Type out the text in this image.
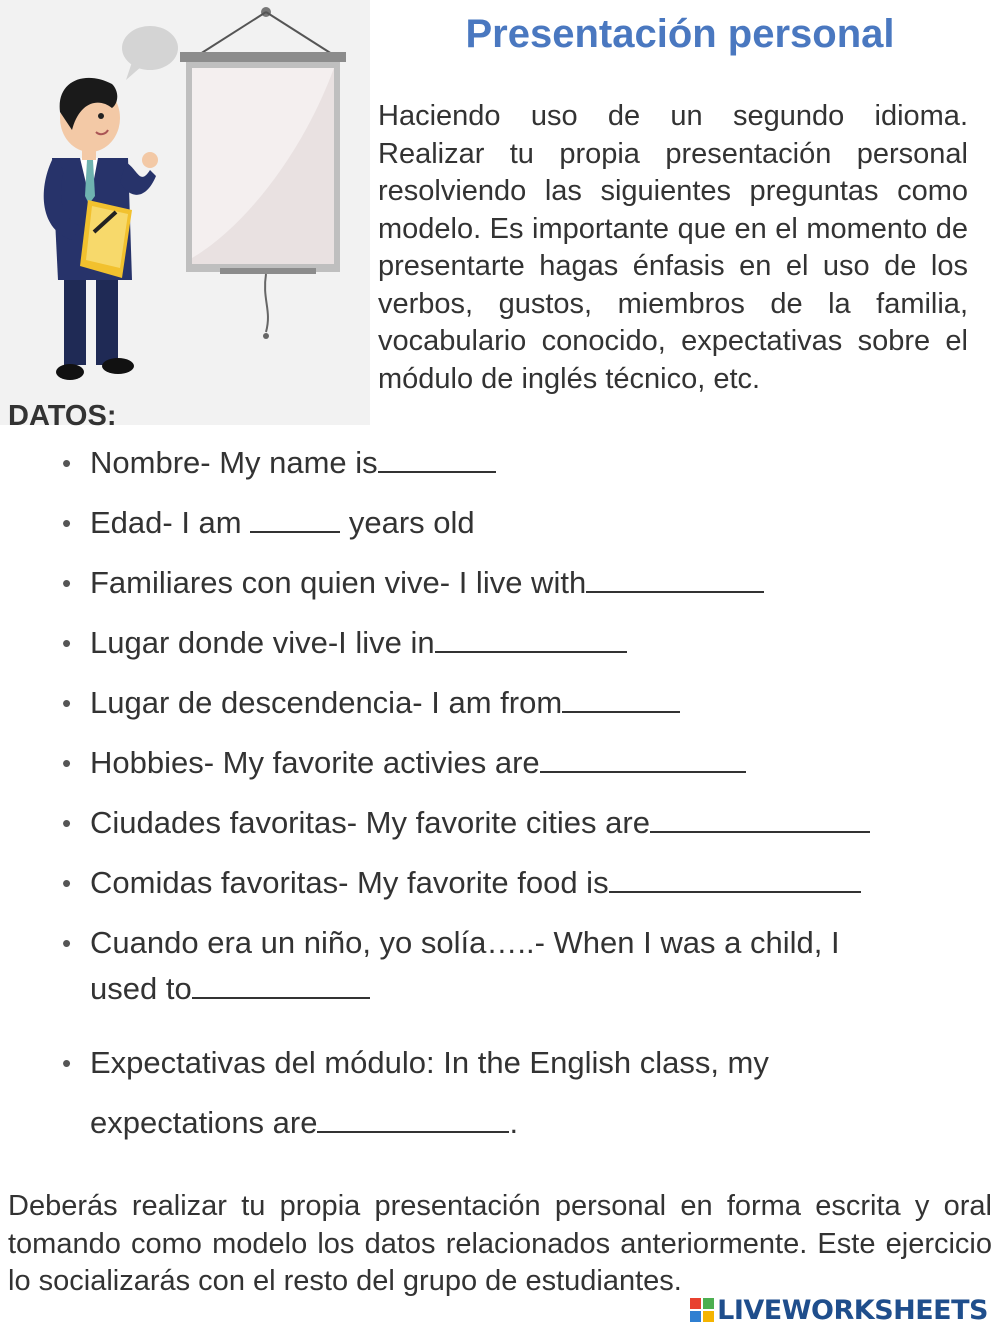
Presentación personal

Haciendo uso de un segundo idioma. Realizar tu propia presentación personal resolviendo las siguientes preguntas como modelo. Es importante que en el momento de presentarte hagas énfasis en el uso de los verbos, gustos, miembros de la familia, vocabulario conocido, expectativas sobre el módulo de inglés técnico, etc.

DATOS:

• Nombre- My name is
• Edad- I am	years old
• Familiares con quien vive- I live with
• Lugar donde vive-I live in
• Lugar de descendencia- I am from
• Hobbies- My favorite activies are
• Ciudades favoritas- My favorite cities are
• Comidas favoritas- My favorite food is
• Cuando era un niño, yo solía…..- When I was a child, I
used to
• Expectativas del módulo: In the English class, my
expectations are	.

Deberás realizar tu propia presentación personal en forma escrita y oral tomando como modelo los datos relacionados anteriormente. Este ejercicio lo socializarás con el resto del grupo de estudiantes.

LIVEWORKSHEETS
